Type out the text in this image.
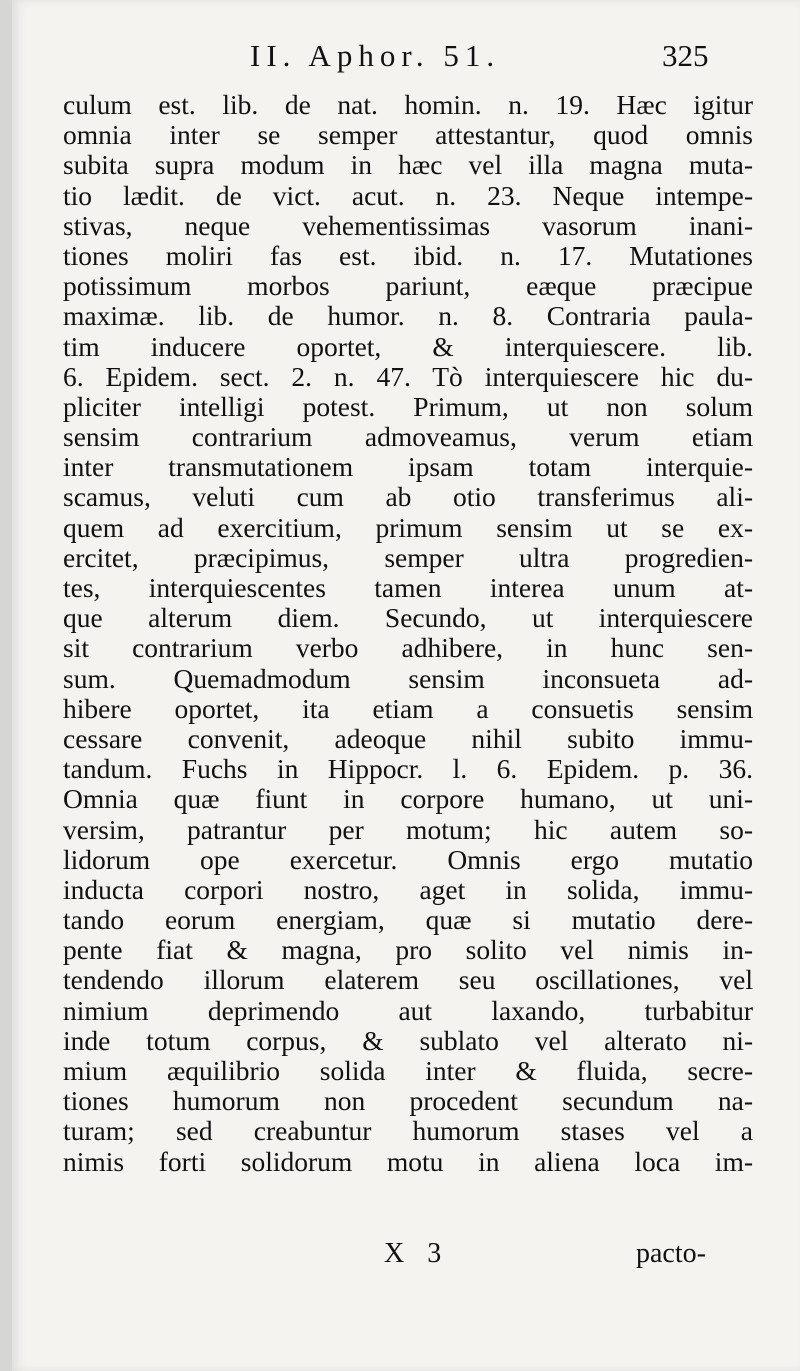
II. Aphor. 51.	325
culum est. lib. de nat. homin. n. 19. Hæc igitur
omnia inter se semper attestantur, quod omnis
subita supra modum in hæc vel illa magna muta-
tio lædit. de vict. acut. n. 23. Neque intempe-
stivas, neque vehementissimas vasorum inani-
tiones moliri fas est. ibid. n. 17. Mutationes
potissimum morbos pariunt, eæque præcipue
maximæ. lib. de humor. n. 8. Contraria paula-
tim inducere oportet, & interquiescere. lib.
6. Epidem. sect. 2. n. 47. Tò interquiescere hic du-
pliciter intelligi potest. Primum, ut non solum
sensim contrarium admoveamus, verum etiam
inter transmutationem ipsam totam interquie-
scamus, veluti cum ab otio transferimus ali-
quem ad exercitium, primum sensim ut se ex-
ercitet, præcipimus, semper ultra progredien-
tes, interquiescentes tamen interea unum at-
que alterum diem. Secundo, ut interquiescere
sit contrarium verbo adhibere, in hunc sen-
sum. Quemadmodum sensim inconsueta ad-
hibere oportet, ita etiam a consuetis sensim
cessare convenit, adeoque nihil subito immu-
tandum. Fuchs in Hippocr. l. 6. Epidem. p. 36.
Omnia quæ fiunt in corpore humano, ut uni-
versim, patrantur per motum; hic autem so-
lidorum ope exercetur. Omnis ergo mutatio
inducta corpori nostro, aget in solida, immu-
tando eorum energiam, quæ si mutatio dere-
pente fiat & magna, pro solito vel nimis in-
tendendo illorum elaterem seu oscillationes, vel
nimium deprimendo aut laxando, turbabitur
inde totum corpus, & sublato vel alterato ni-
mium æquilibrio solida inter & fluida, secre-
tiones humorum non procedent secundum na-
turam; sed creabuntur humorum stases vel a
nimis forti solidorum motu in aliena loca im-
X 3	pacto-
